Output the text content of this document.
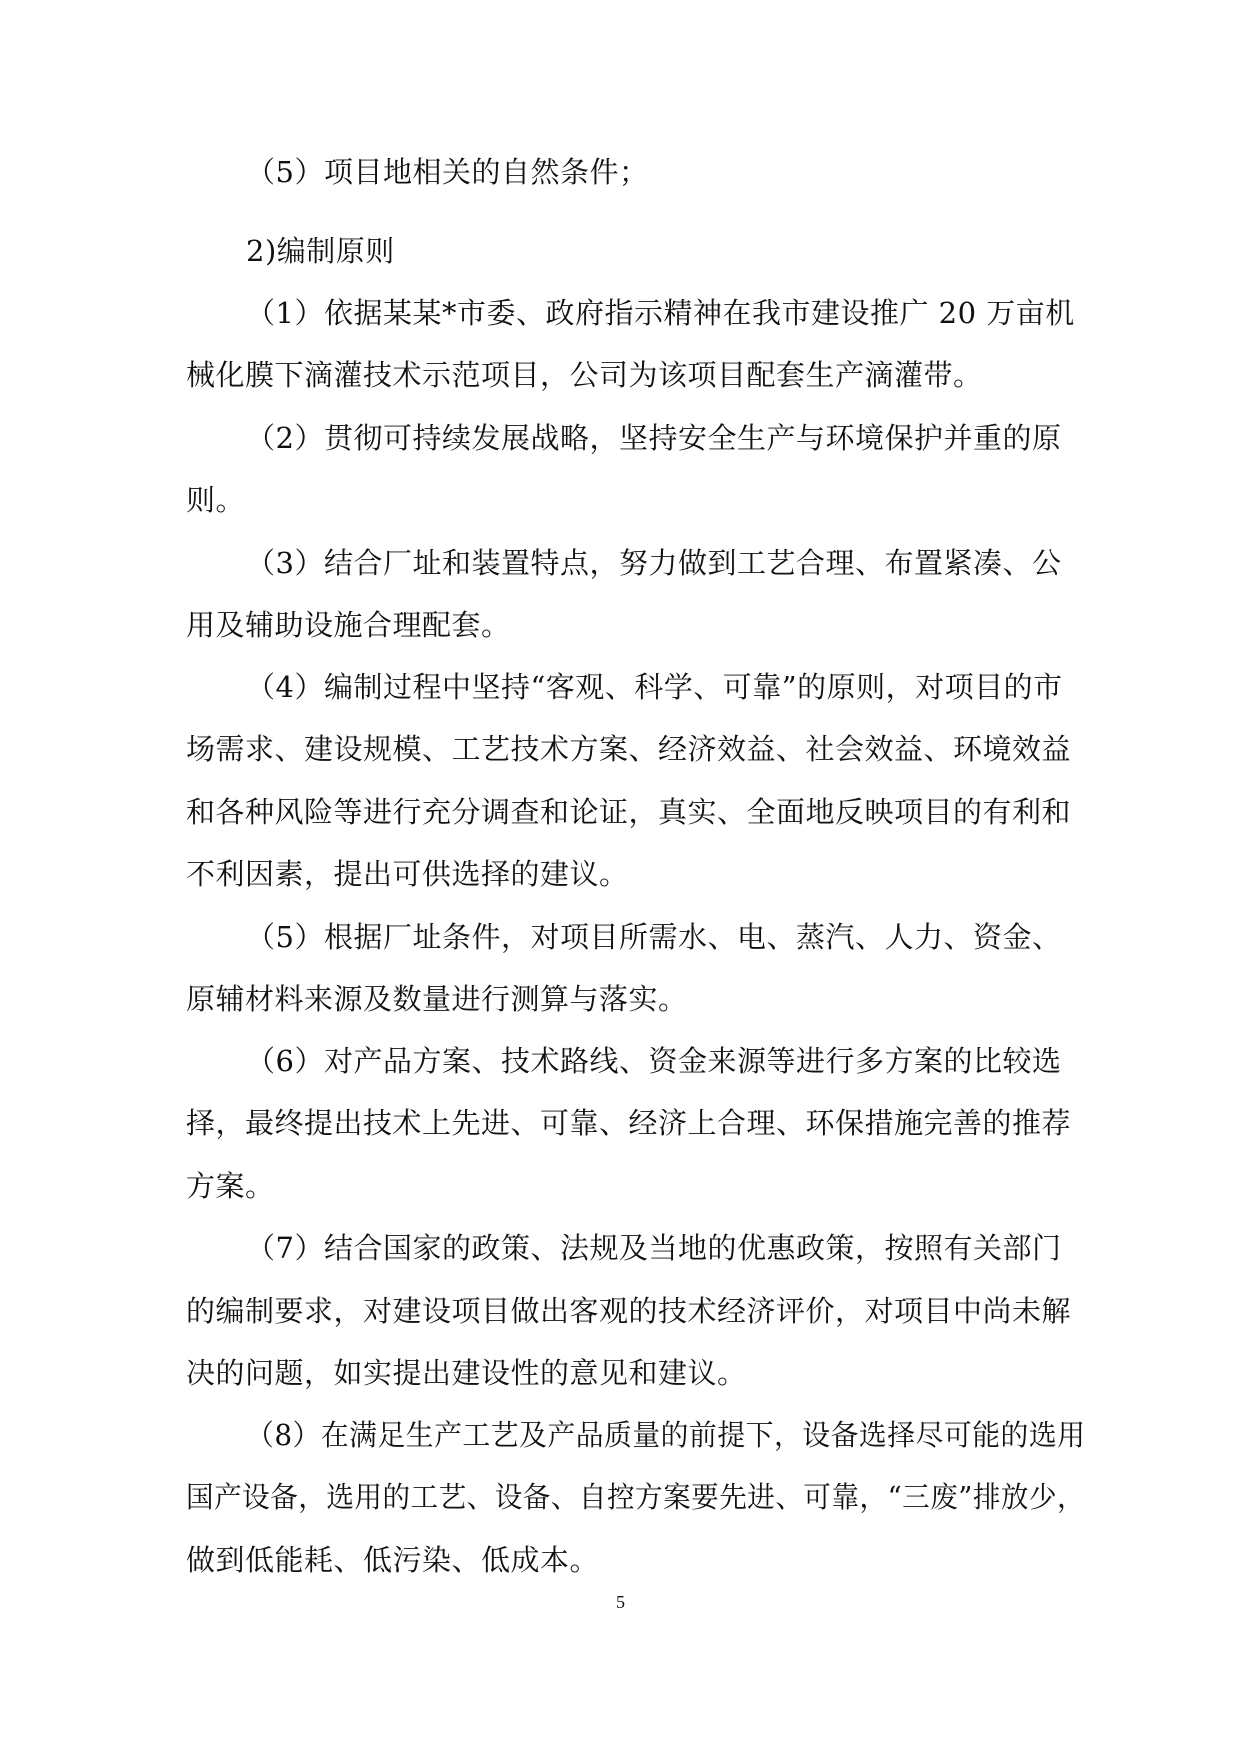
（5）项目地相关的自然条件；
2)编制原则
（1）依据某某*市委、政府指示精神在我市建设推广 20 万亩机
械化膜下滴灌技术示范项目，公司为该项目配套生产滴灌带。
（2）贯彻可持续发展战略，坚持安全生产与环境保护并重的原
则。
（3）结合厂址和装置特点，努力做到工艺合理、布置紧凑、公
用及辅助设施合理配套。
（4）编制过程中坚持“客观、科学、可靠”的原则，对项目的市
场需求、建设规模、工艺技术方案、经济效益、社会效益、环境效益
和各种风险等进行充分调查和论证，真实、全面地反映项目的有利和
不利因素，提出可供选择的建议。
（5）根据厂址条件，对项目所需水、电、蒸汽、人力、资金、
原辅材料来源及数量进行测算与落实。
（6）对产品方案、技术路线、资金来源等进行多方案的比较选
择，最终提出技术上先进、可靠、经济上合理、环保措施完善的推荐
方案。
（7）结合国家的政策、法规及当地的优惠政策，按照有关部门
的编制要求，对建设项目做出客观的技术经济评价，对项目中尚未解
决的问题，如实提出建设性的意见和建议。
（8）在满足生产工艺及产品质量的前提下，设备选择尽可能的选用
国产设备，选用的工艺、设备、自控方案要先进、可靠，“三废”排放少，
做到低能耗、低污染、低成本。
5
